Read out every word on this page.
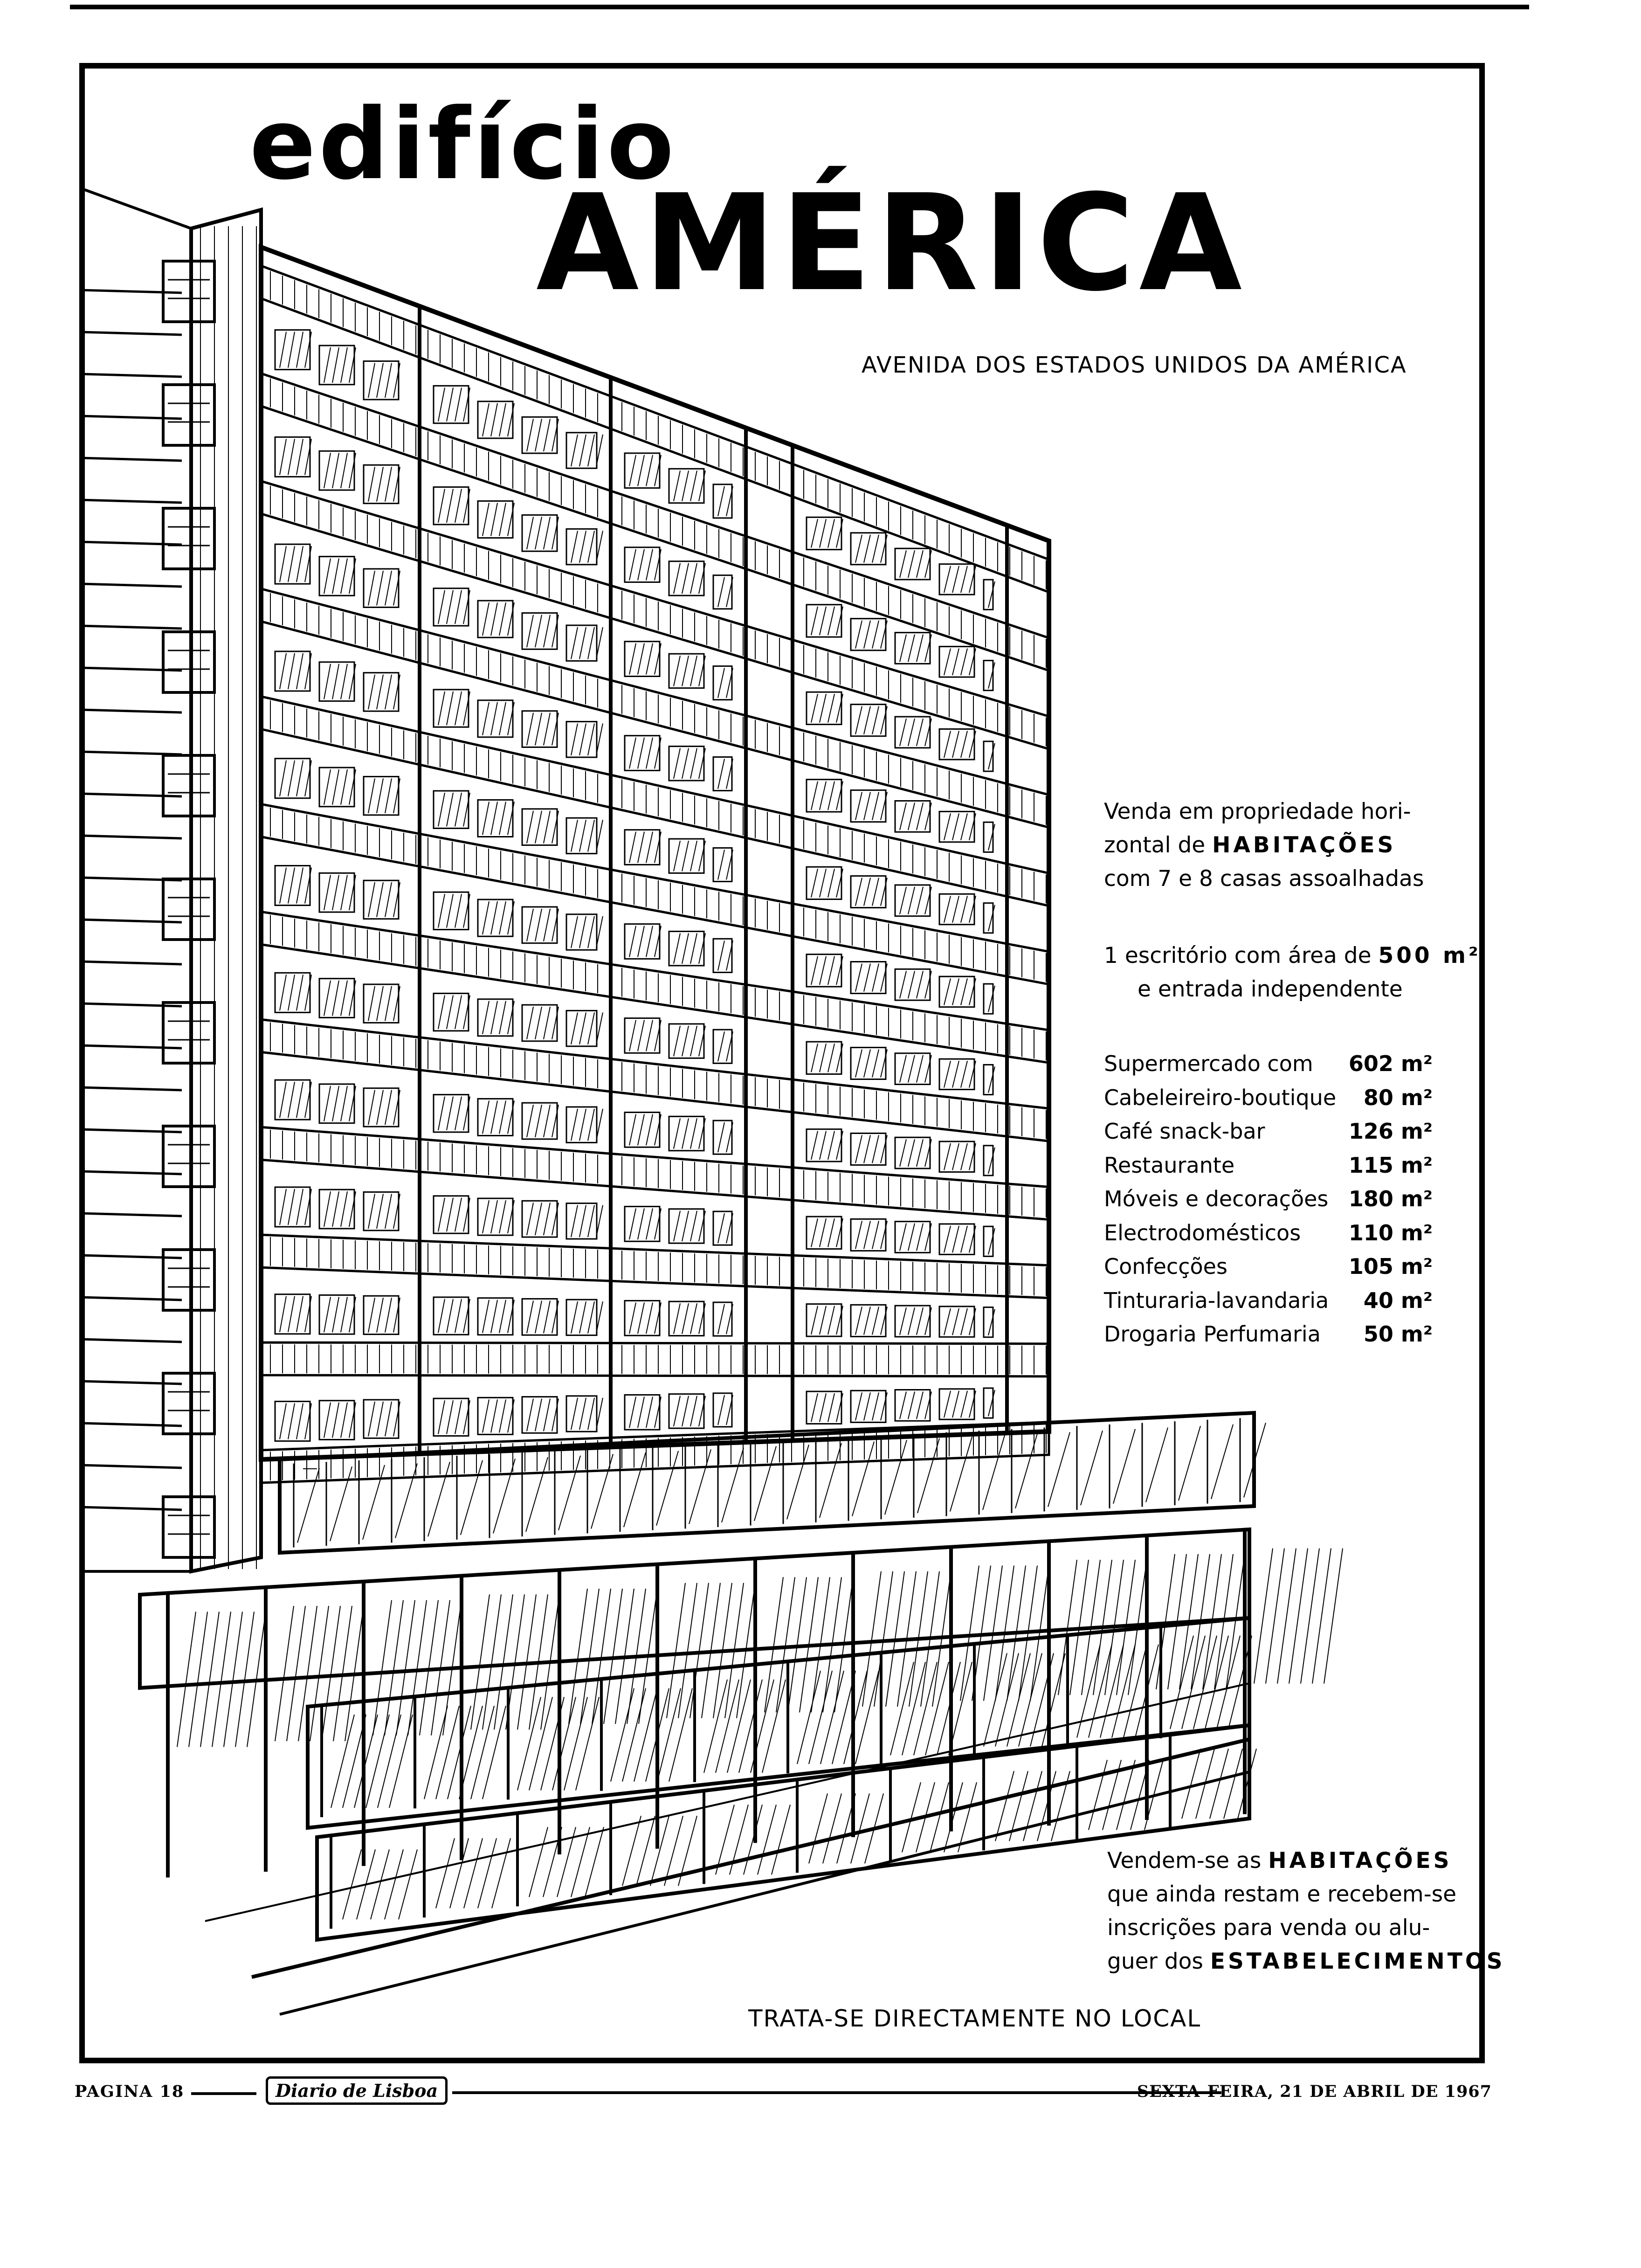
edifício
AMÉRICA
AVENIDA DOS ESTADOS UNIDOS DA AMÉRICA
Venda em propriedade hori-
zontal de HABITAÇÕES
com 7 e 8 casas assoalhadas
1 escritório com área de 500 m²
e entrada independente
Supermercado com 602 m²
Cabeleireiro-boutique 80 m²
Café snack-bar	126 m²
Restaurante	115 m²
Móveis e decorações 180 m²
Electrodomésticos 110 m²
Confecções	105 m²
Tinturaria-lavandaria 40 m²
Drogaria Perfumaria 50 m²
Vendem-se as HABITAÇÕES
que ainda restam e recebem-se
inscrições para venda ou alu-
guer dos ESTABELECIMENTOS
TRATA-SE DIRECTAMENTE NO LOCAL
PAGINA 18	Diario de Lisboa	SEXTA-FEIRA, 21 DE ABRIL DE 1967
